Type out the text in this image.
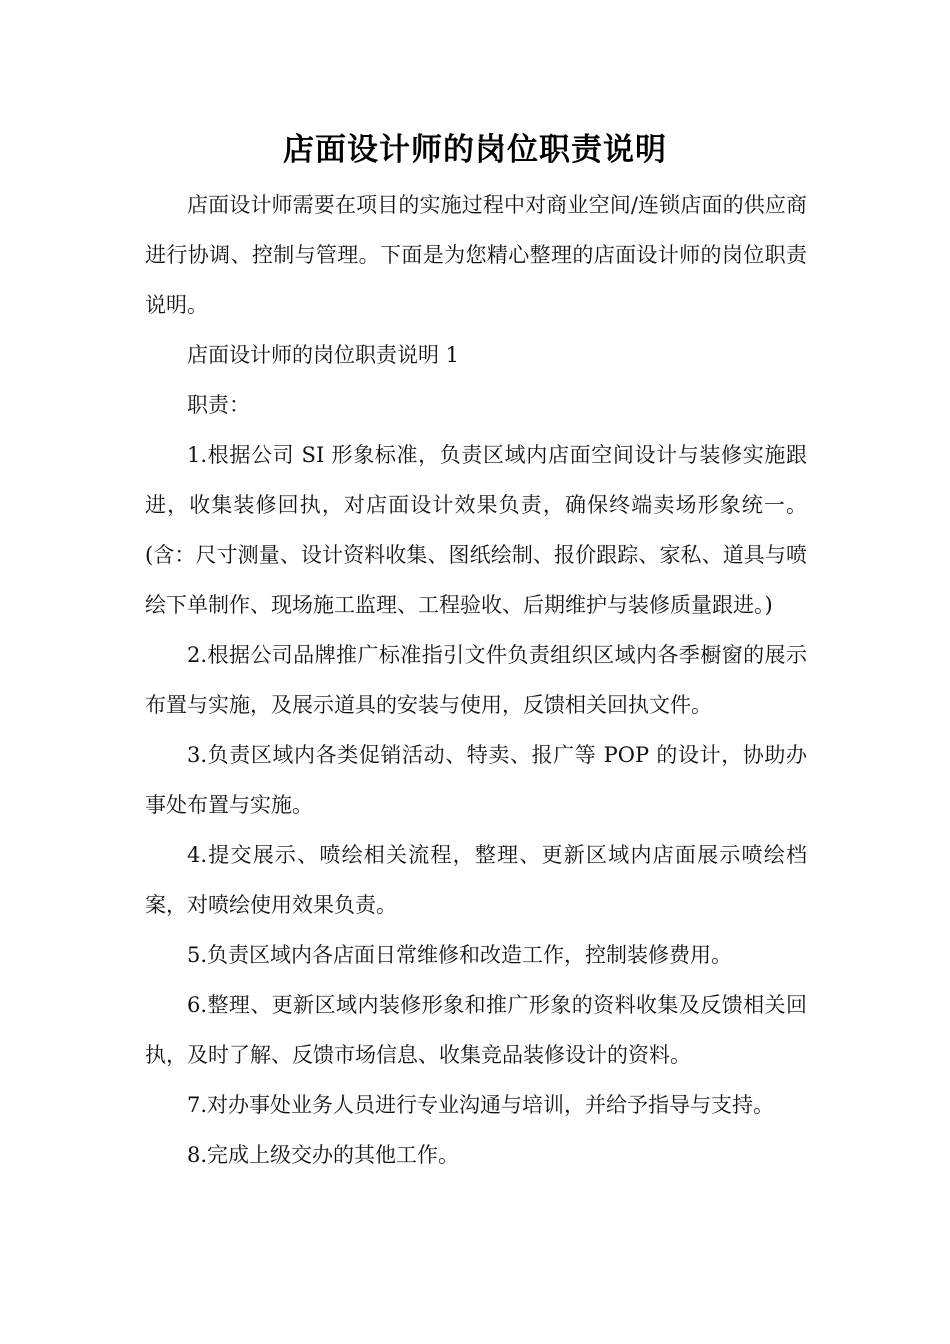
店面设计师的岗位职责说明

店面设计师需要在项目的实施过程中对商业空间/连锁店面的供应商进行协调、控制与管理。下面是为您精心整理的店面设计师的岗位职责说明。

店面设计师的岗位职责说明 1

职责：

1.根据公司 SI 形象标准，负责区域内店面空间设计与装修实施跟进，收集装修回执，对店面设计效果负责，确保终端卖场形象统一。(含：尺寸测量、设计资料收集、图纸绘制、报价跟踪、家私、道具与喷绘下单制作、现场施工监理、工程验收、后期维护与装修质量跟进。)

2.根据公司品牌推广标准指引文件负责组织区域内各季橱窗的展示布置与实施，及展示道具的安装与使用，反馈相关回执文件。

3.负责区域内各类促销活动、特卖、报广等 POP 的设计，协助办事处布置与实施。

4.提交展示、喷绘相关流程，整理、更新区域内店面展示喷绘档案，对喷绘使用效果负责。

5.负责区域内各店面日常维修和改造工作，控制装修费用。

6.整理、更新区域内装修形象和推广形象的资料收集及反馈相关回执，及时了解、反馈市场信息、收集竞品装修设计的资料。

7.对办事处业务人员进行专业沟通与培训，并给予指导与支持。

8.完成上级交办的其他工作。
